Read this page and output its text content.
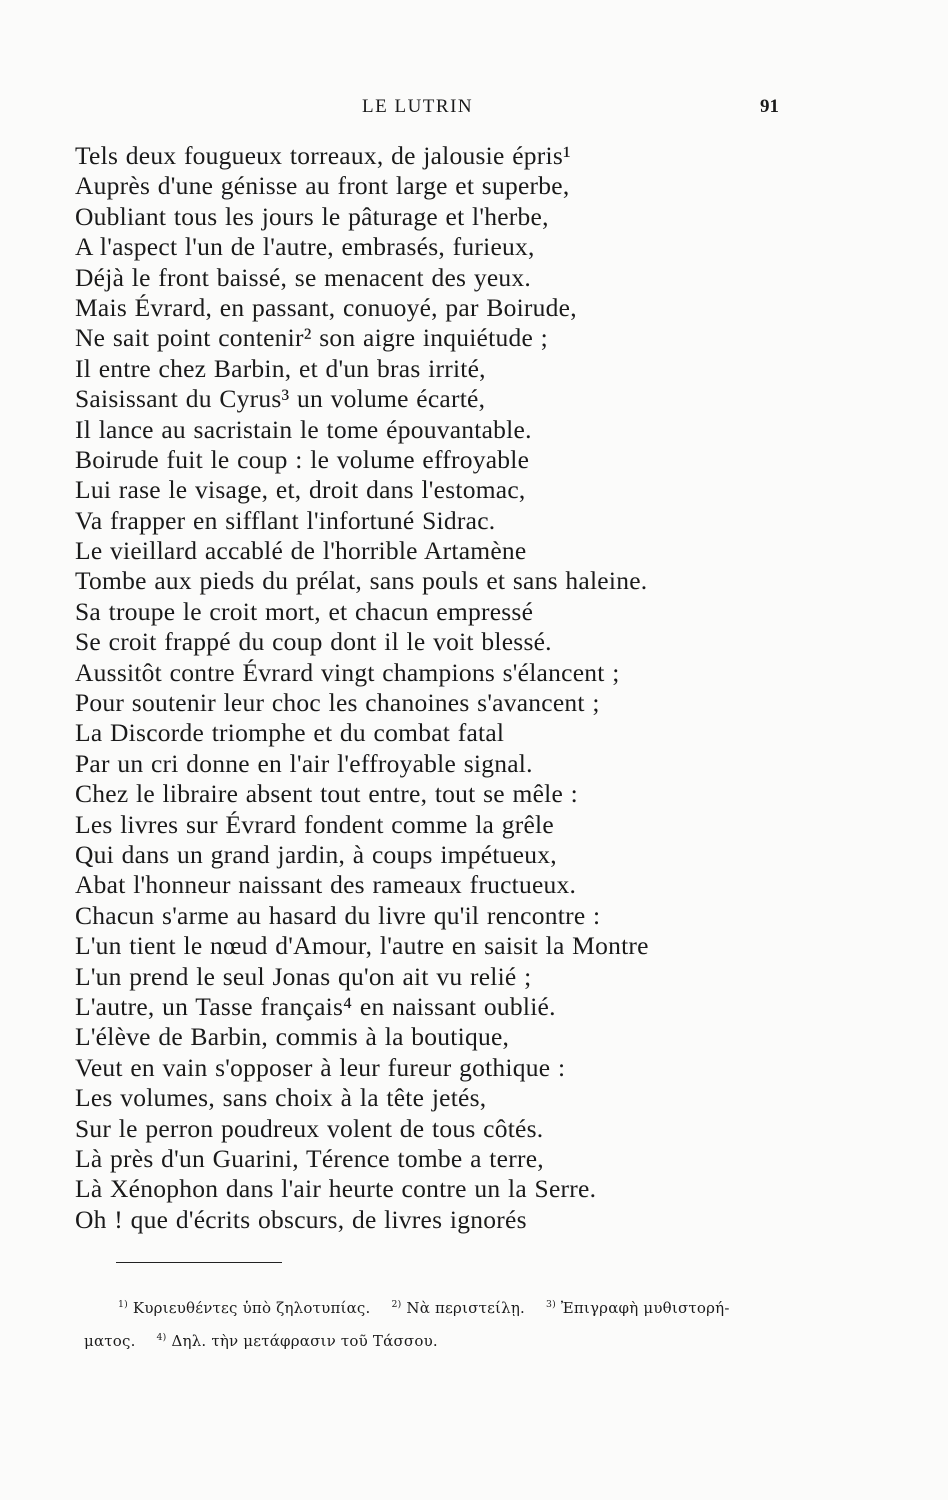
LE LUTRIN	91
Tels deux fougueux torreaux, de jalousie épris¹
Auprès d'une génisse au front large et superbe,
Oubliant tous les jours le pâturage et l'herbe,
A l'aspect l'un de l'autre, embrasés, furieux,
Déjà le front baissé, se menacent des yeux.
Mais Évrard, en passant, conuoyé, par Boirude,
Ne sait point contenir² son aigre inquiétude ;
Il entre chez Barbin, et d'un bras irrité,
Saisissant du Cyrus³ un volume écarté,
Il lance au sacristain le tome épouvantable.
Boirude fuit le coup : le volume effroyable
Lui rase le visage, et, droit dans l'estomac,
Va frapper en sifflant l'infortuné Sidrac.
Le vieillard accablé de l'horrible Artamène
Tombe aux pieds du prélat, sans pouls et sans haleine.
Sa troupe le croit mort, et chacun empressé
Se croit frappé du coup dont il le voit blessé.
Aussitôt contre Évrard vingt champions s'élancent ;
Pour soutenir leur choc les chanoines s'avancent ;
La Discorde triomphe et du combat fatal
Par un cri donne en l'air l'effroyable signal.
Chez le libraire absent tout entre, tout se mêle :
Les livres sur Évrard fondent comme la grêle
Qui dans un grand jardin, à coups impétueux,
Abat l'honneur naissant des rameaux fructueux.
Chacun s'arme au hasard du livre qu'il rencontre :
L'un tient le nœud d'Amour, l'autre en saisit la Montre
L'un prend le seul Jonas qu'on ait vu relié ;
L'autre, un Tasse français⁴ en naissant oublié.
L'élève de Barbin, commis à la boutique,
Veut en vain s'opposer à leur fureur gothique :
Les volumes, sans choix à la tête jetés,
Sur le perron poudreux volent de tous côtés.
Là près d'un Guarini, Térence tombe a terre,
Là Xénophon dans l'air heurte contre un la Serre.
Oh ! que d'écrits obscurs, de livres ignorés
$^{1)}$ Κυριευθέντες ὑπὸ ζηλοτυπίας. $^{2)}$ Νὰ περιστείλῃ. $^{3)}$ Ἐπιγραφὴ μυθιστορή-
ματος. $^{4)}$ Δηλ. τὴν μετάφρασιν τοῦ Τάσσου.
